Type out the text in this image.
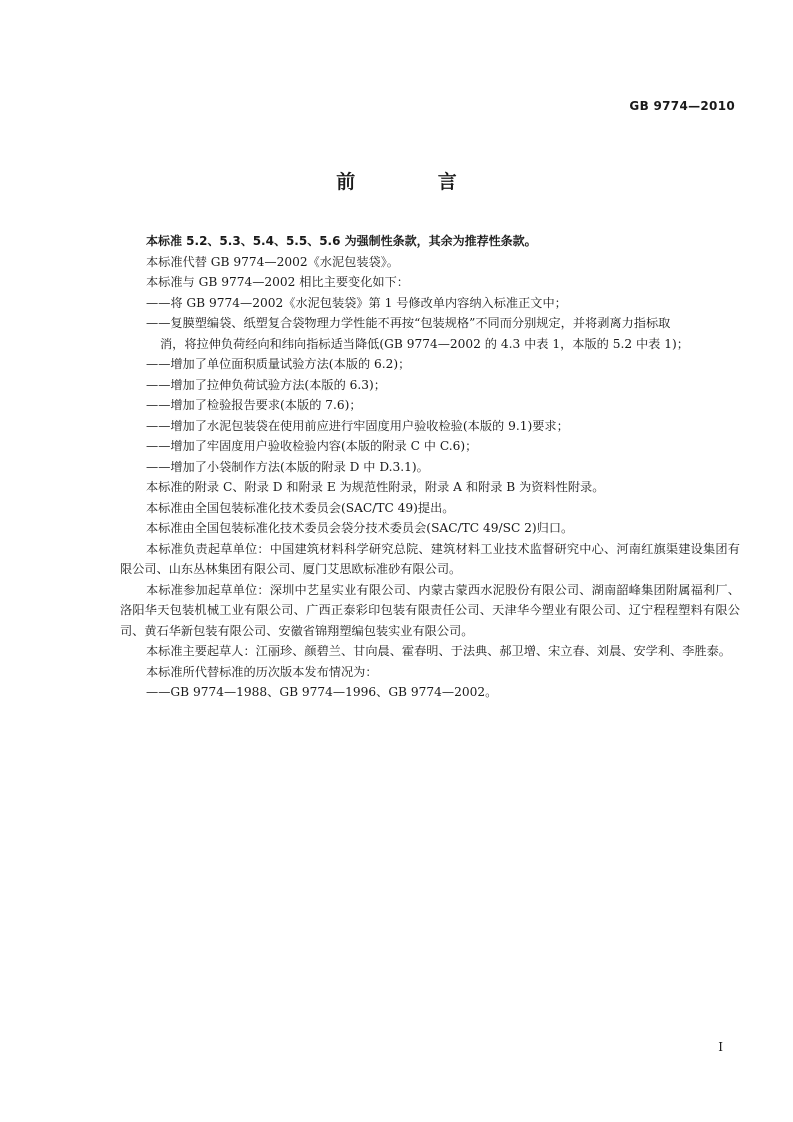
GB 9774—2010
前 言

本标准 5.2、5.3、5.4、5.5、5.6 为强制性条款，其余为推荐性条款。

本标准代替 GB 9774—2002《水泥包装袋》。

本标准与 GB 9774—2002 相比主要变化如下：

——将 GB 9774—2002《水泥包装袋》第 1 号修改单内容纳入标准正文中；

——复膜塑编袋、纸塑复合袋物理力学性能不再按“包装规格”不同而分别规定，并将剥离力指标取

消，将拉伸负荷经向和纬向指标适当降低(GB 9774—2002 的 4.3 中表 1，本版的 5.2 中表 1)；

——增加了单位面积质量试验方法(本版的 6.2)；

——增加了拉伸负荷试验方法(本版的 6.3)；

——增加了检验报告要求(本版的 7.6)；

——增加了水泥包装袋在使用前应进行牢固度用户验收检验(本版的 9.1)要求；

——增加了牢固度用户验收检验内容(本版的附录 C 中 C.6)；

——增加了小袋制作方法(本版的附录 D 中 D.3.1)。

本标准的附录 C、附录 D 和附录 E 为规范性附录，附录 A 和附录 B 为资料性附录。

本标准由全国包装标准化技术委员会(SAC/TC 49)提出。

本标准由全国包装标准化技术委员会袋分技术委员会(SAC/TC 49/SC 2)归口。

本标准负责起草单位：中国建筑材料科学研究总院、建筑材料工业技术监督研究中心、河南红旗渠建设集团有限公司、山东丛林集团有限公司、厦门艾思欧标准砂有限公司。

本标准参加起草单位：深圳中艺星实业有限公司、内蒙古蒙西水泥股份有限公司、湖南韶峰集团附属福利厂、洛阳华天包装机械工业有限公司、广西正泰彩印包装有限责任公司、天津华今塑业有限公司、辽宁程程塑料有限公司、黄石华新包装有限公司、安徽省锦翔塑编包装实业有限公司。

本标准主要起草人：江丽珍、颜碧兰、甘向晨、霍春明、于法典、郝卫增、宋立春、刘晨、安学利、李胜泰。

本标准所代替标准的历次版本发布情况为：

——GB 9774—1988、GB 9774—1996、GB 9774—2002。

I
